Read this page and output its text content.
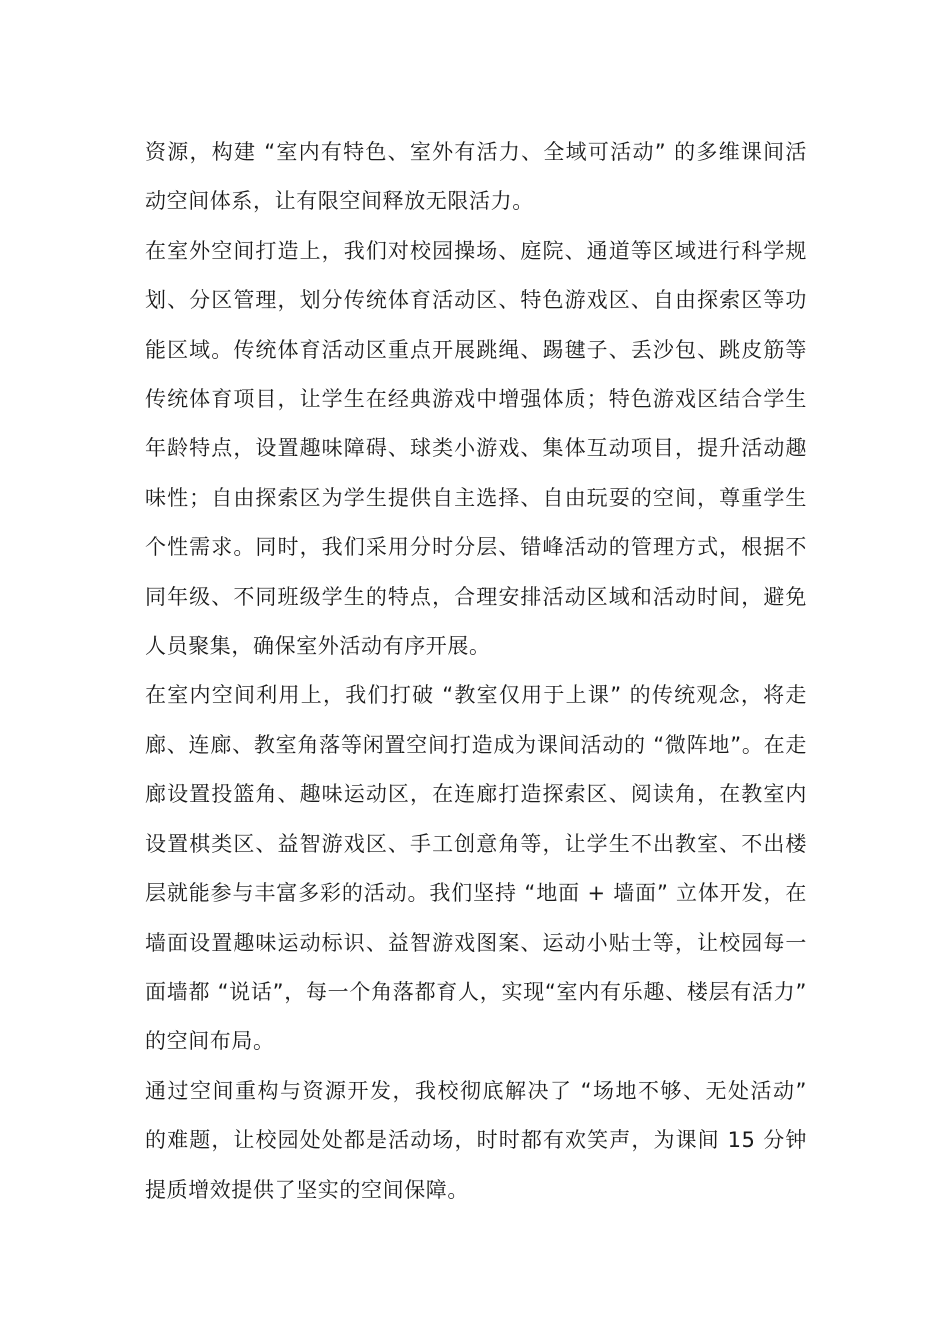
资源，构建 “室内有特色、室外有活力、全域可活动” 的多维课间活动空间体系，让有限空间释放无限活力。

在室外空间打造上，我们对校园操场、庭院、通道等区域进行科学规划、分区管理，划分传统体育活动区、特色游戏区、自由探索区等功能区域。传统体育活动区重点开展跳绳、踢毽子、丢沙包、跳皮筋等传统体育项目，让学生在经典游戏中增强体质；特色游戏区结合学生年龄特点，设置趣味障碍、球类小游戏、集体互动项目，提升活动趣味性；自由探索区为学生提供自主选择、自由玩耍的空间，尊重学生个性需求。同时，我们采用分时分层、错峰活动的管理方式，根据不同年级、不同班级学生的特点，合理安排活动区域和活动时间，避免人员聚集，确保室外活动有序开展。

在室内空间利用上，我们打破 “教室仅用于上课” 的传统观念，将走廊、连廊、教室角落等闲置空间打造成为课间活动的 “微阵地”。在走廊设置投篮角、趣味运动区，在连廊打造探索区、阅读角，在教室内设置棋类区、益智游戏区、手工创意角等，让学生不出教室、不出楼层就能参与丰富多彩的活动。我们坚持 “地面 + 墙面” 立体开发，在墙面设置趣味运动标识、益智游戏图案、运动小贴士等，让校园每一面墙都 “说话”，每一个角落都育人，实现“室内有乐趣、楼层有活力” 的空间布局。

通过空间重构与资源开发，我校彻底解决了 “场地不够、无处活动” 的难题，让校园处处都是活动场，时时都有欢笑声，为课间 15 分钟提质增效提供了坚实的空间保障。
